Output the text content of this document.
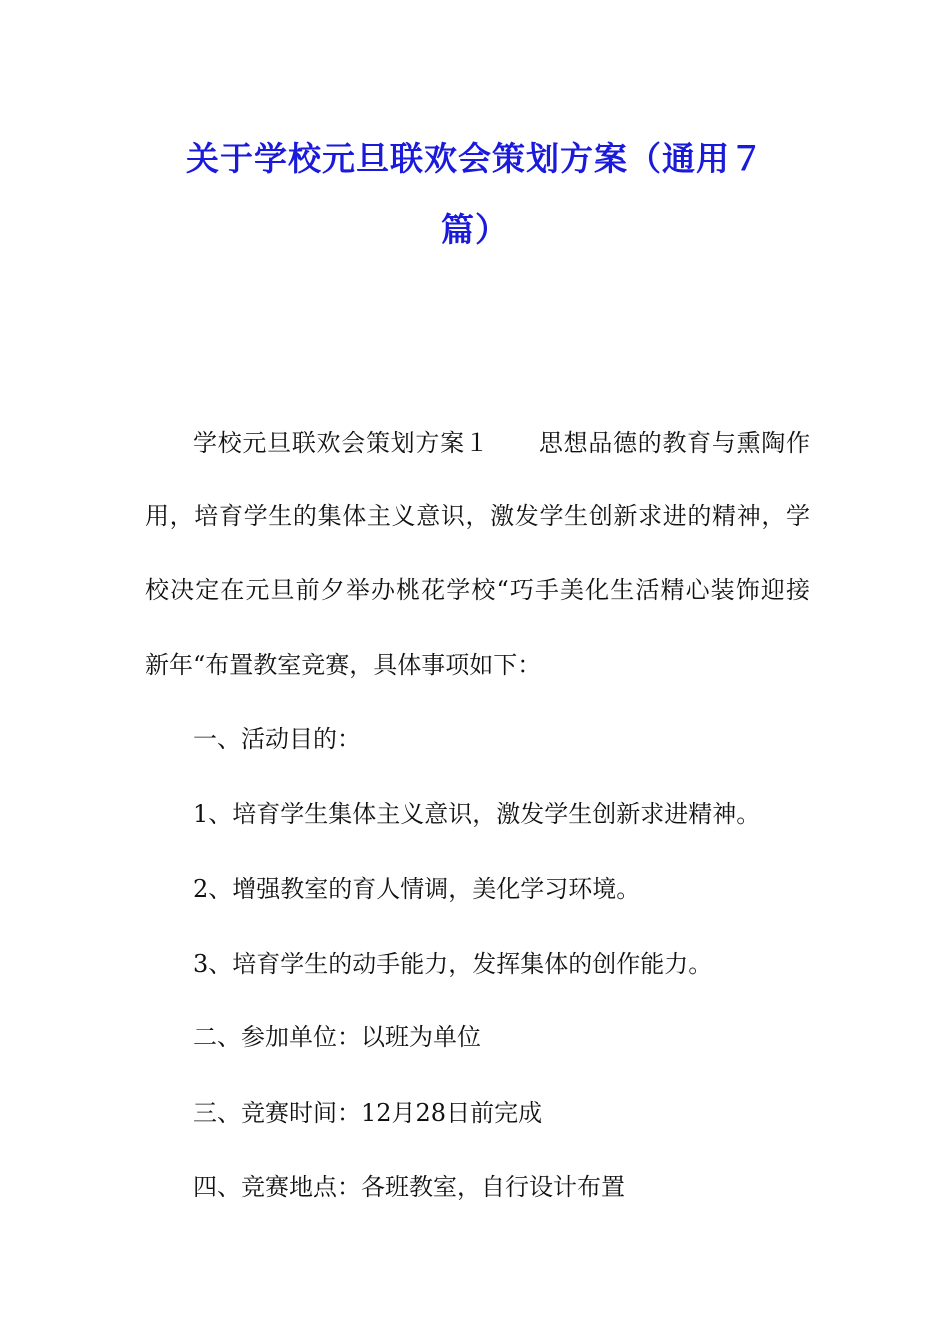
关于学校元旦联欢会策划方案（通用７
篇）
学校元旦联欢会策划方案１　　思想品德的教育与熏陶作
用，培育学生的集体主义意识，激发学生创新求进的精神，学
校决定在元旦前夕举办桃花学校“巧手美化生活精心装饰迎接
新年“布置教室竞赛，具体事项如下：
一、活动目的：
1、培育学生集体主义意识，激发学生创新求进精神。
2、增强教室的育人情调，美化学习环境。
3、培育学生的动手能力，发挥集体的创作能力。
二、参加单位：以班为单位
三、竞赛时间：12月28日前完成
四、竞赛地点：各班教室，自行设计布置
